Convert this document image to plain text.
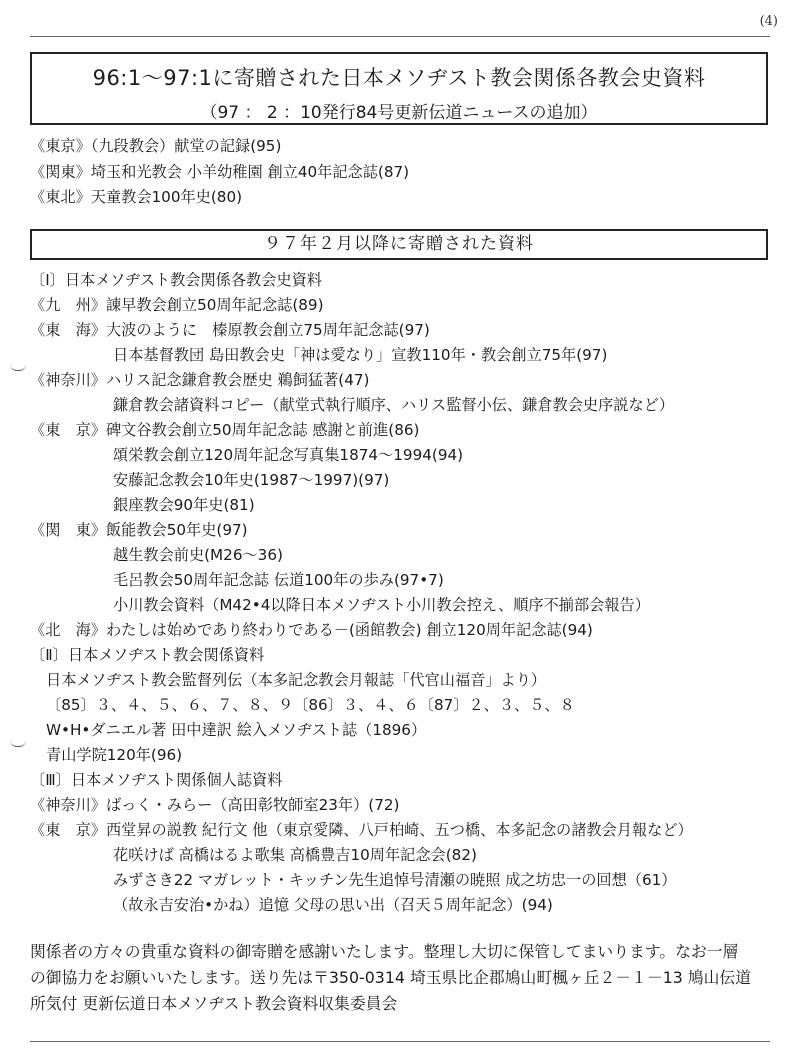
(4)
96:1～97:1に寄贈された日本メソヂスト教会関係各教会史資料
（97 ： 2 ：10発行84号更新伝道ニュースの追加）
《東京》（九段教会）献堂の記録(95)
《関東》埼玉和光教会 小羊幼稚園 創立40年記念誌(87)
《東北》天童教会100年史(80)
９７年２月以降に寄贈された資料
〔Ⅰ〕日本メソヂスト教会関係各教会史資料
《九　州》諌早教会創立50周年記念誌(89)
《東　海》大波のように　榛原教会創立75周年記念誌(97)
日本基督教団 島田教会史「神は愛なり」宣教110年・教会創立75年(97)
《神奈川》ハリス記念鎌倉教会歴史 鵜飼猛著(47)
鎌倉教会諸資料コピー（献堂式執行順序、ハリス監督小伝、鎌倉教会史序説など）
《東　京》碑文谷教会創立50周年記念誌 感謝と前進(86)
頌栄教会創立120周年記念写真集1874～1994(94)
安藤記念教会10年史(1987～1997)(97)
銀座教会90年史(81)
《関　東》飯能教会50年史(97)
越生教会前史(M26～36)
毛呂教会50周年記念誌 伝道100年の歩み(97•7)
小川教会資料（M42•4以降日本メソヂスト小川教会控え、順序不揃部会報告）
《北　海》わたしは始めであり終わりである－(函館教会) 創立120周年記念誌(94)
〔Ⅱ〕日本メソヂスト教会関係資料
日本メソヂスト教会監督列伝（本多記念教会月報誌「代官山福音」より）
〔85〕３、４、５、６、７、８、９〔86〕３、４、６〔87〕２、３、５、８
W•H•ダニエル著 田中達訳 絵入メソヂスト誌（1896）
青山学院120年(96)
〔Ⅲ〕日本メソヂスト関係個人誌資料
《神奈川》ばっく・みらー（高田彰牧師室23年）(72)
《東　京》西堂昇の説教 紀行文 他（東京愛隣、八戸柏崎、五つ橋、本多記念の諸教会月報など）
花咲けば 高橋はるよ歌集 高橋豊吉10周年記念会(82)
みずさき22 マガレット・キッチン先生追悼号清瀬の暁照 成之坊忠一の回想（61）
（故永吉安治•かね）追憶 父母の思い出（召天５周年記念）(94)
関係者の方々の貴重な資料の御寄贈を感謝いたします。整理し大切に保管してまいります。なお一層
の御協力をお願いいたします。送り先は〒350-0314 埼玉県比企郡鳩山町楓ヶ丘２－１－13 鳩山伝道
所気付 更新伝道日本メソヂスト教会資料収集委員会
